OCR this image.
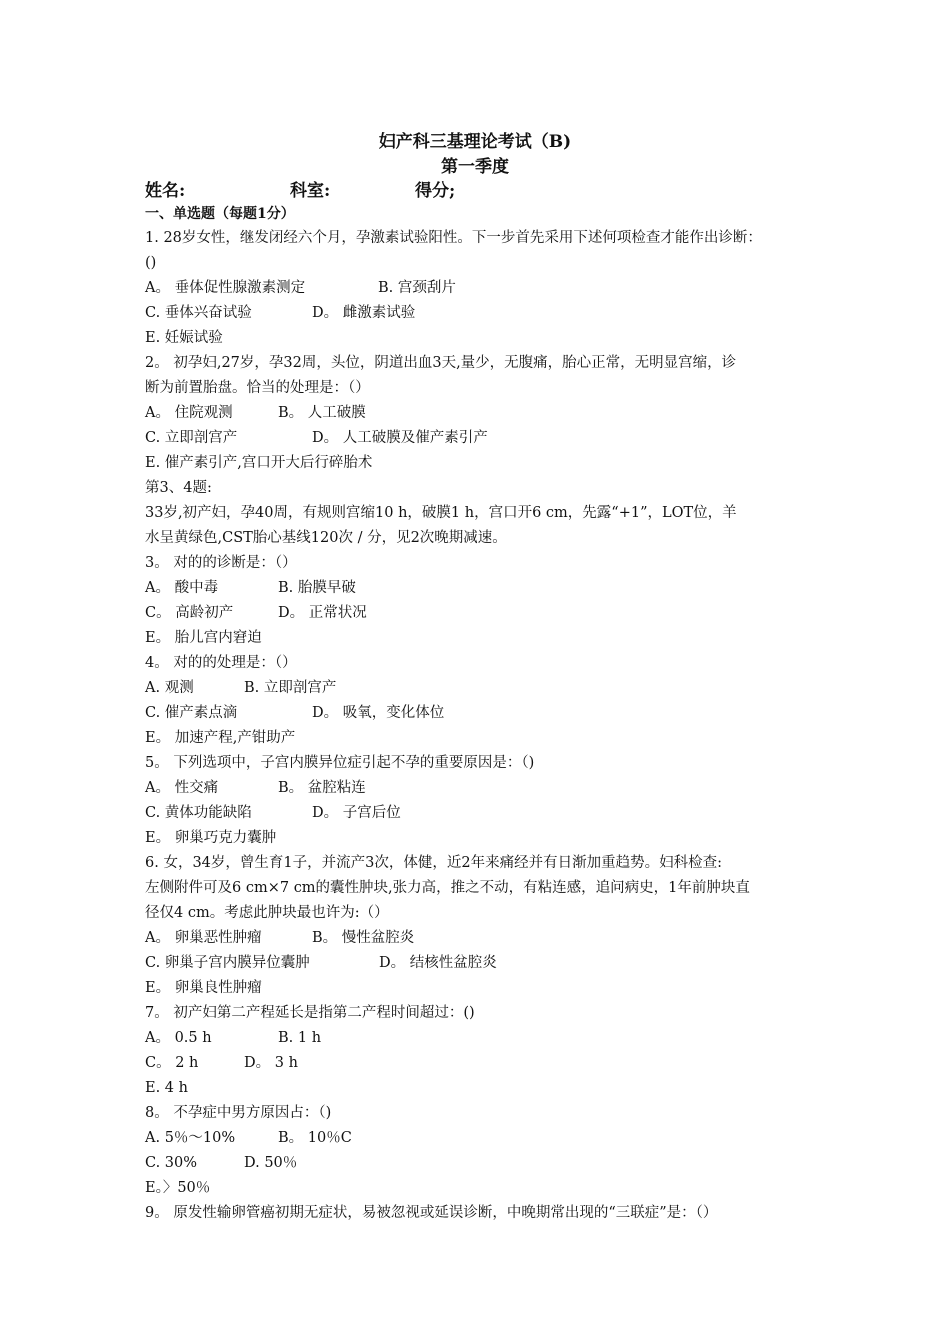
妇产科三基理论考试（B)
第一季度
姓名:	科室:	得分;
一、单选题（每题1分）
1. 28岁女性，继发闭经六个月，孕激素试验阳性。下一步首先采用下述何项检查才能作出诊断：
()
A。 垂体促性腺激素测定	B. 宫颈刮片
C. 垂体兴奋试验	D。 雌激素试验
E. 妊娠试验
2。 初孕妇,27岁，孕32周，头位，阴道出血3天,量少，无腹痛，胎心正常，无明显宫缩，诊
断为前置胎盘。恰当的处理是：（）
A。 住院观测	B。 人工破膜
C. 立即剖宫产	D。 人工破膜及催产素引产
E. 催产素引产,宫口开大后行碎胎术
第3、4题:
33岁,初产妇，孕40周，有规则宫缩10 h，破膜1 h，宫口开6 cm，先露“+1”，LOT位，羊
水呈黄绿色,CST胎心基线120次 / 分，见2次晚期减速。
3。 对的的诊断是：（）
A。 酸中毒	B. 胎膜早破
C。 高龄初产	D。 正常状况
E。 胎儿宫内窘迫
4。 对的的处理是：（）
A. 观测	B. 立即剖宫产
C. 催产素点滴	D。 吸氧，变化体位
E。 加速产程,产钳助产
5。 下列选项中，子宫内膜异位症引起不孕的重要原因是：（)
A。 性交痛	B。 盆腔粘连
C. 黄体功能缺陷	D。 子宫后位
E。 卵巢巧克力囊肿
6. 女，34岁，曾生育1子，并流产3次，体健，近2年来痛经并有日渐加重趋势。妇科检查:
左侧附件可及6 cm×7 cm的囊性肿块,张力高，推之不动，有粘连感，追问病史，1年前肿块直
径仅4 cm。考虑此肿块最也许为:（）
A。 卵巢恶性肿瘤	B。 慢性盆腔炎
C. 卵巢子宫内膜异位囊肿	D。 结核性盆腔炎
E。 卵巢良性肿瘤
7。 初产妇第二产程延长是指第二产程时间超过：()
A。 0.5 h	B. 1 h
C。 2 h	D。 3 h
E. 4 h
8。 不孕症中男方原因占：（)
A. 5％～10%	B。 10％C
C. 30%	D. 50％
E。〉50％
9。 原发性输卵管癌初期无症状，易被忽视或延误诊断，中晚期常出现的“三联症”是：（）
